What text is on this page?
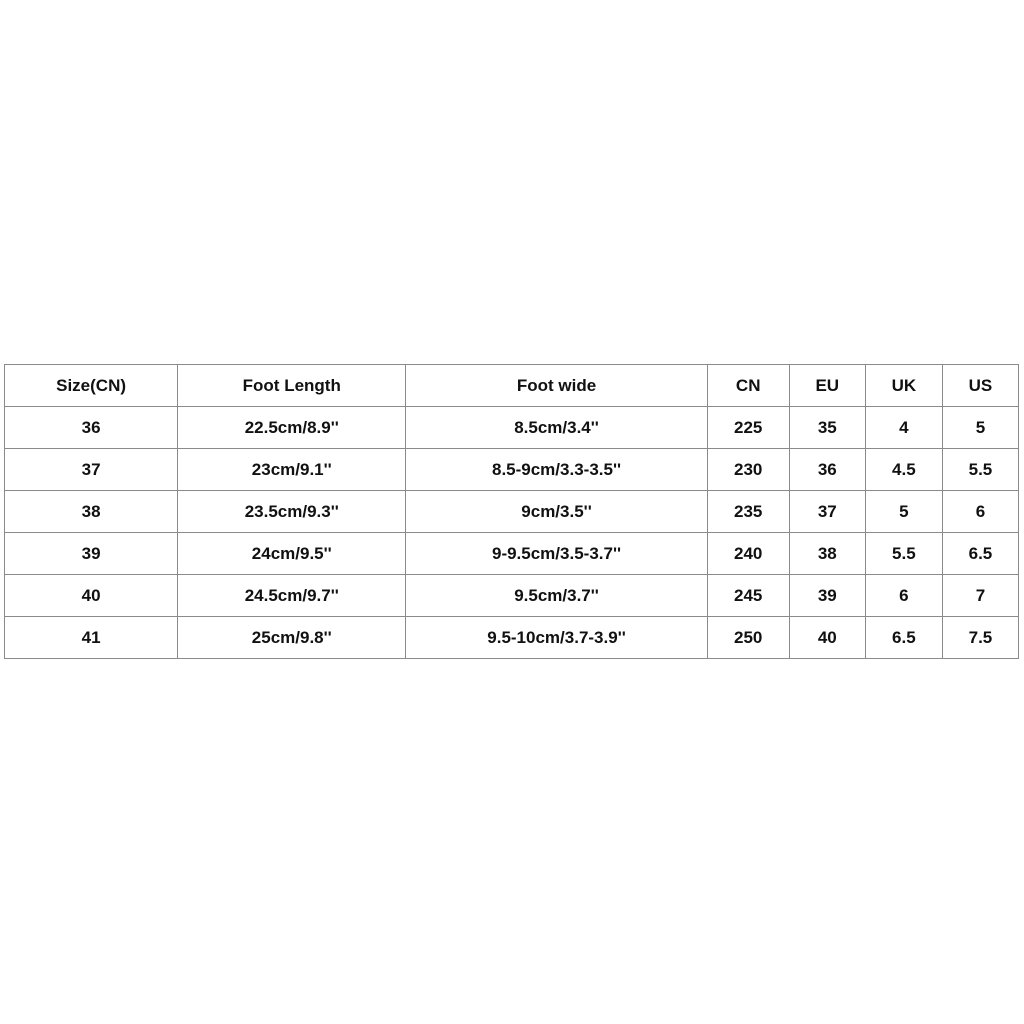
Size(CN)	Foot Length	Foot wide	CN	EU	UK	US
36	22.5cm/8.9''	8.5cm/3.4''	225	35	4	5
37	23cm/9.1''	8.5-9cm/3.3-3.5''	230	36	4.5	5.5
38	23.5cm/9.3''	9cm/3.5''	235	37	5	6
39	24cm/9.5''	9-9.5cm/3.5-3.7''	240	38	5.5	6.5
40	24.5cm/9.7''	9.5cm/3.7''	245	39	6	7
41	25cm/9.8''	9.5-10cm/3.7-3.9''	250	40	6.5	7.5
